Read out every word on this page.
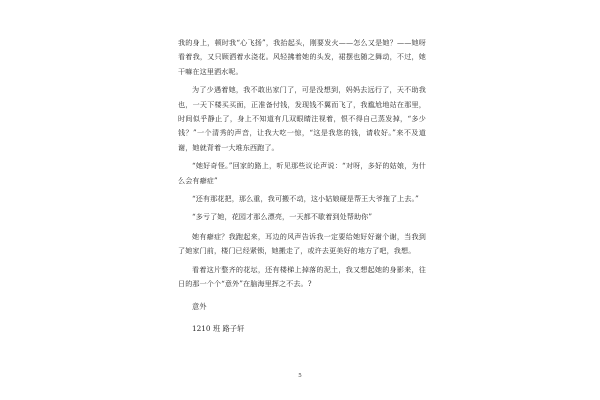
我的身上，顿时我“心飞扬”，我抬起头，刚要发火——怎么又是她？——她呀看着我，又只顾洒着水浇花。风轻拂着她的头发，裙摆也随之舞动，不过，她干嘛在这里洒水呢。

为了少遇着她，我不敢出家门了，可是没想到，妈妈去远行了，天不助我也，一天下楼买买面，正准备付钱，发现钱不翼而飞了，我尴尬地站在那里，时间似乎静止了，身上不知道有几双眼睛注视着，恨不得自己蒸发掉，“多少钱？”一个清秀的声音，让我大吃一惊，“这是我您的钱，请收好。”来不及道谢，她就背着一大堆东西跑了。

“她好奇怪。”回家的路上，听见那些议论声说：“对呀，多好的姑娘，为什么会有癖症”

“还有那花把，那么重，我可搬不动，这小姑娘硬是帮王大爷拖了上去。”

“多亏了她，花园才那么漂亮，一天都不歇着到处帮助你”

她有癖症？我跑起来，耳边的风声告诉我一定要给她好好谢个谢，当我到了她家门前，楼门已经紧锁，她搬走了，或许去更美好的地方了吧，我想。

看着这片整齐的花坛，还有楼梯上掉落的泥土，我又想起她的身影来，往日的那一个个“意外”在脑海里挥之不去。?

意外

1210 班 路子轩

5
